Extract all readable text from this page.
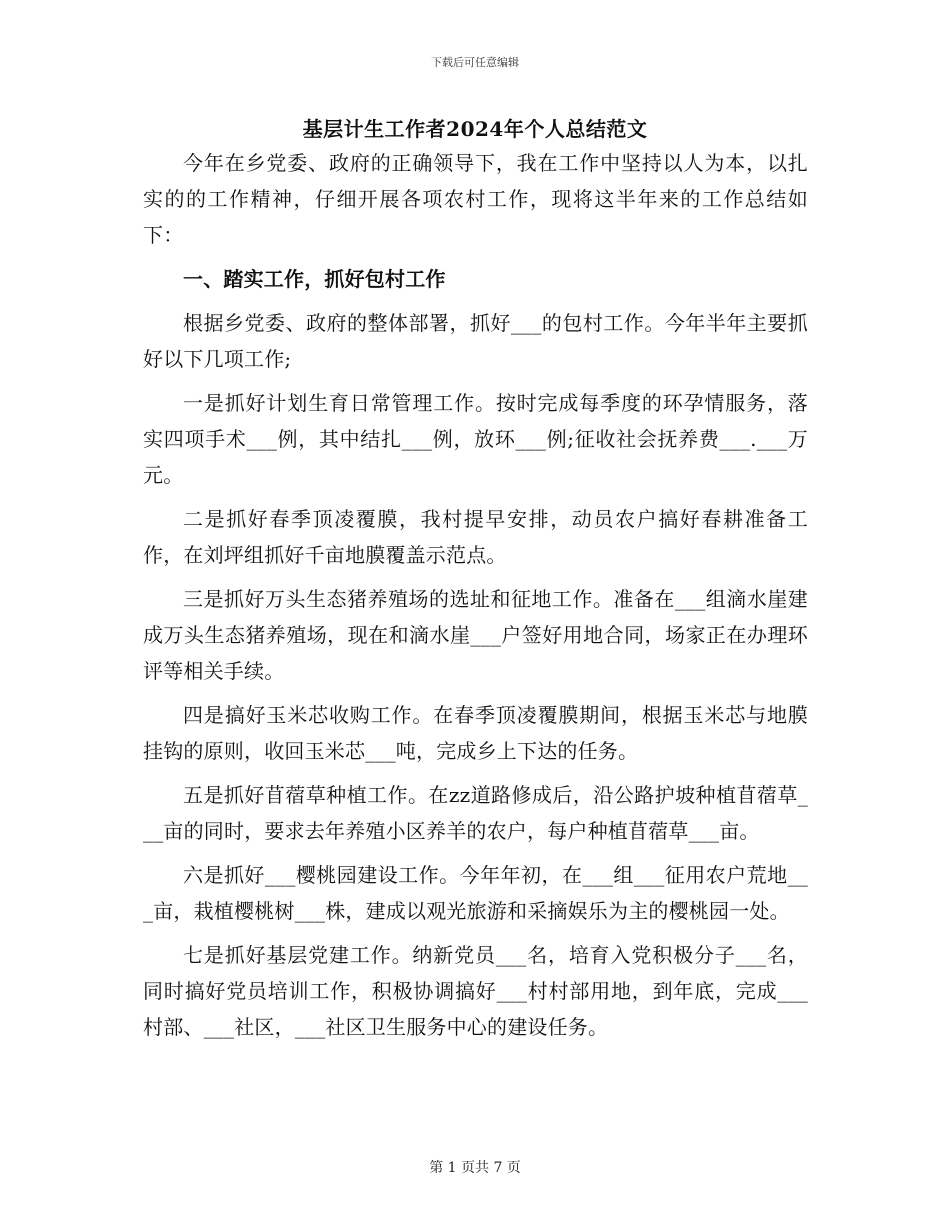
下载后可任意编辑
基层计生工作者2024年个人总结范文

今年在乡党委、政府的正确领导下，我在工作中坚持以人为本，以扎实的的工作精神，仔细开展各项农村工作，现将这半年来的工作总结如下：

一、踏实工作，抓好包村工作

根据乡党委、政府的整体部署，抓好___的包村工作。今年半年主要抓好以下几项工作;

一是抓好计划生育日常管理工作。按时完成每季度的环孕情服务，落实四项手术___例，其中结扎___例，放环___例;征收社会抚养费___.___万元。

二是抓好春季顶凌覆膜，我村提早安排，动员农户搞好春耕准备工作，在刘坪组抓好千亩地膜覆盖示范点。

三是抓好万头生态猪养殖场的选址和征地工作。准备在___组滴水崖建成万头生态猪养殖场，现在和滴水崖___户签好用地合同，场家正在办理环评等相关手续。

四是搞好玉米芯收购工作。在春季顶凌覆膜期间，根据玉米芯与地膜挂钩的原则，收回玉米芯___吨，完成乡上下达的任务。

五是抓好苜蓿草种植工作。在zz道路修成后，沿公路护坡种植苜蓿草___亩的同时，要求去年养殖小区养羊的农户，每户种植苜蓿草___亩。

六是抓好___樱桃园建设工作。今年年初，在___组___征用农户荒地___亩，栽植樱桃树___株，建成以观光旅游和采摘娱乐为主的樱桃园一处。

七是抓好基层党建工作。纳新党员___名，培育入党积极分子___名，同时搞好党员培训工作，积极协调搞好___村村部用地，到年底，完成___村部、___社区，___社区卫生服务中心的建设任务。

第 1 页共 7 页
